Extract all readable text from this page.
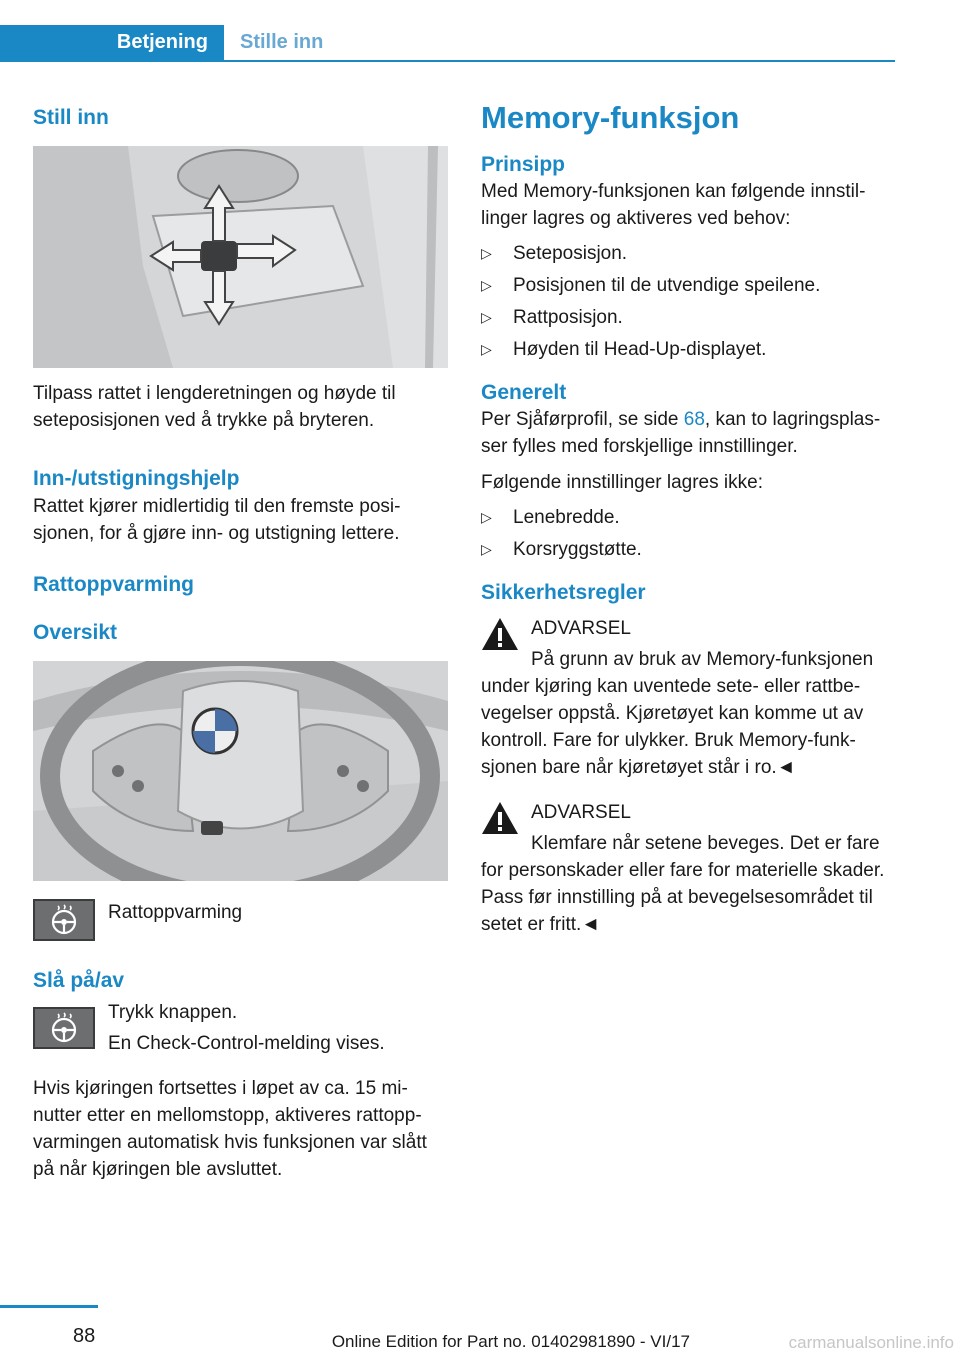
Betjening Stille inn
Still inn

Tilpass rattet i lengderetningen og høyde til seteposisjonen ved å trykke på bryteren.

Inn-/utstigningshjelp

Rattet kjører midlertidig til den fremste posisjonen, for å gjøre inn- og utstigning lettere.

Rattoppvarming
Oversikt

Rattoppvarming

Slå på/av

Trykk knappen.

En Check-Control-melding vises.

Hvis kjøringen fortsettes i løpet av ca. 15 minutter etter en mellomstopp, aktiveres rattoppvarmingen automatisk hvis funksjonen var slått på når kjøringen ble avsluttet.

Memory-funksjon
Prinsipp

Med Memory-funksjonen kan følgende innstillinger lagres og aktiveres ved behov:

▷ Seteposisjon.
▷ Posisjonen til de utvendige speilene.
▷ Rattposisjon.
▷ Høyden til Head-Up-displayet.
Generelt

Per Sjåførprofil, se side 68, kan to lagringsplasser fylles med forskjellige innstillinger.

Følgende innstillinger lagres ikke:

▷ Lenebredde.
▷ Korsryggstøtte.
Sikkerhetsregler

ADVARSEL

På grunn av bruk av Memory-funksjonen

under kjøring kan uventede sete- eller rattbevegelser oppstå. Kjøretøyet kan komme ut av kontroll. Fare for ulykker. Bruk Memory-funksjonen bare når kjøretøyet står i ro.◄

ADVARSEL

Klemfare når setene beveges. Det er fare

for personskader eller fare for materielle skader. Pass før innstilling på at bevegelsesområdet til setet er fritt.◄

88	Online Edition for Part no. 01402981890 - VI/17	carmanualsonline.info
